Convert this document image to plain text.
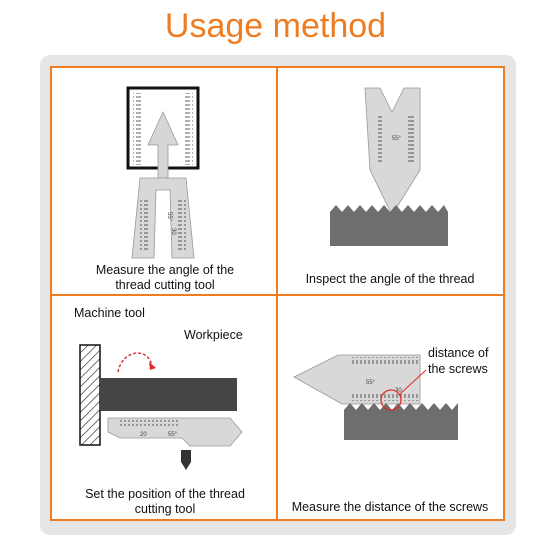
Usage method
55°
30
55°
20	55°
55°
30
Measure the angle of the
thread cutting tool	Inspect the angle of the thread
Set the position of the thread
cutting tool	Measure the distance of the screws
Machine tool
Workpiece
distance of
the screws
